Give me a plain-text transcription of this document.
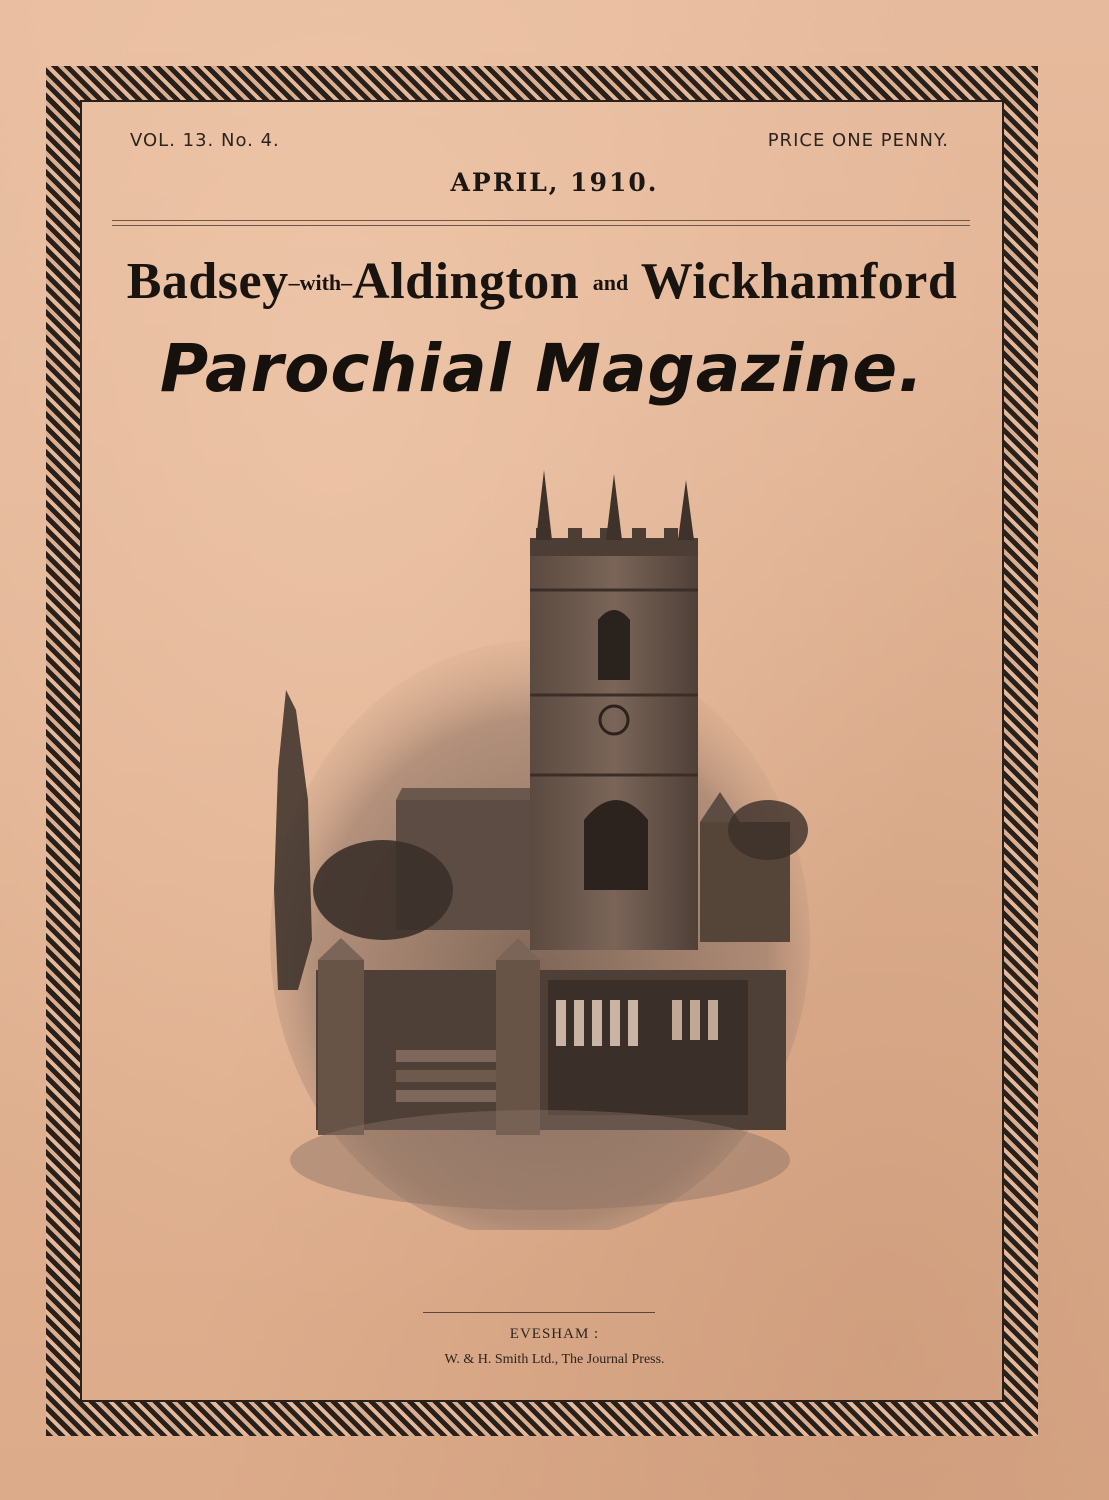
VOL. 13. No. 4.	PRICE ONE PENNY.
APRIL, 1910.
Badsey–with–Aldington and Wickhamford
Parochial Magazine.
EVESHAM :
W. & H. Smith Ltd., The Journal Press.
